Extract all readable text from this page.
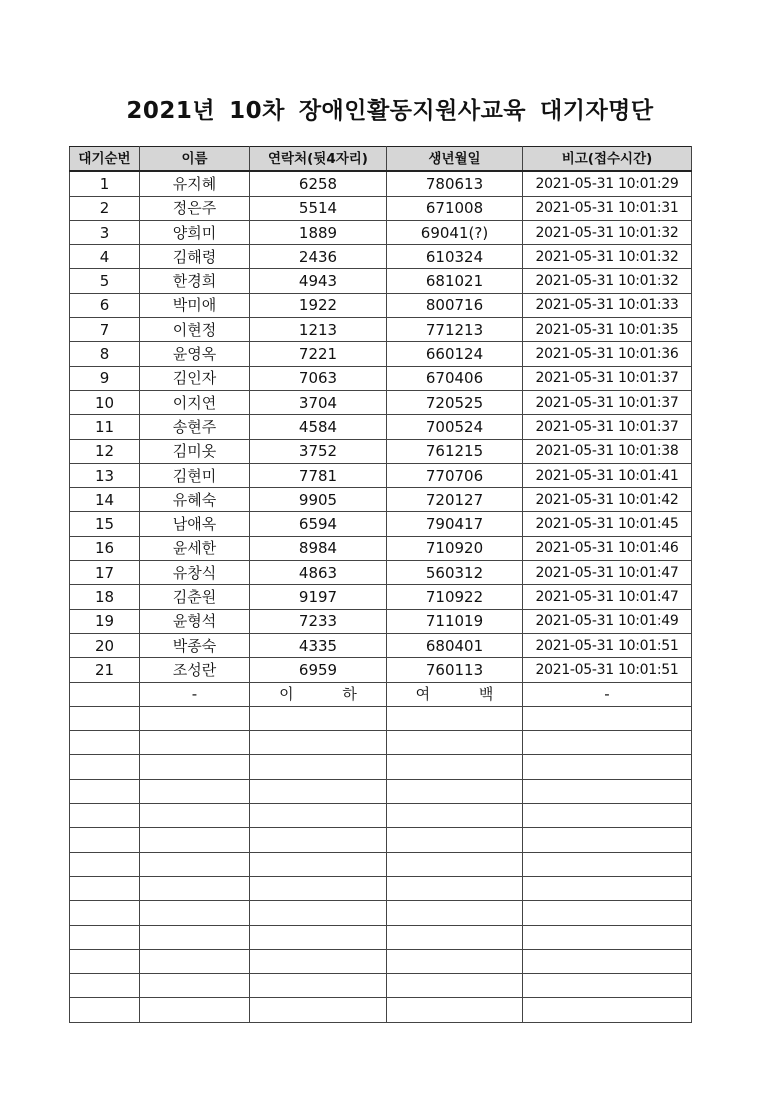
2021년 10차 장애인활동지원사교육 대기자명단
대기순번	이름	연락처(뒷4자리)	생년월일	비고(접수시간)
1	유지혜	6258	780613	2021-05-31 10:01:29
2	정은주	5514	671008	2021-05-31 10:01:31
3	양희미	1889	69041(?)	2021-05-31 10:01:32
4	김해령	2436	610324	2021-05-31 10:01:32
5	한경희	4943	681021	2021-05-31 10:01:32
6	박미애	1922	800716	2021-05-31 10:01:33
7	이현정	1213	771213	2021-05-31 10:01:35
8	윤영옥	7221	660124	2021-05-31 10:01:36
9	김인자	7063	670406	2021-05-31 10:01:37
10	이지연	3704	720525	2021-05-31 10:01:37
11	송현주	4584	700524	2021-05-31 10:01:37
12	김미옷	3752	761215	2021-05-31 10:01:38
13	김현미	7781	770706	2021-05-31 10:01:41
14	유혜숙	9905	720127	2021-05-31 10:01:42
15	남애옥	6594	790417	2021-05-31 10:01:45
16	윤세한	8984	710920	2021-05-31 10:01:46
17	유창식	4863	560312	2021-05-31 10:01:47
18	김춘원	9197	710922	2021-05-31 10:01:47
19	윤형석	7233	711019	2021-05-31 10:01:49
20	박종숙	4335	680401	2021-05-31 10:01:51
21	조성란	6959	760113	2021-05-31 10:01:51
	-	이 하	여 백	-
